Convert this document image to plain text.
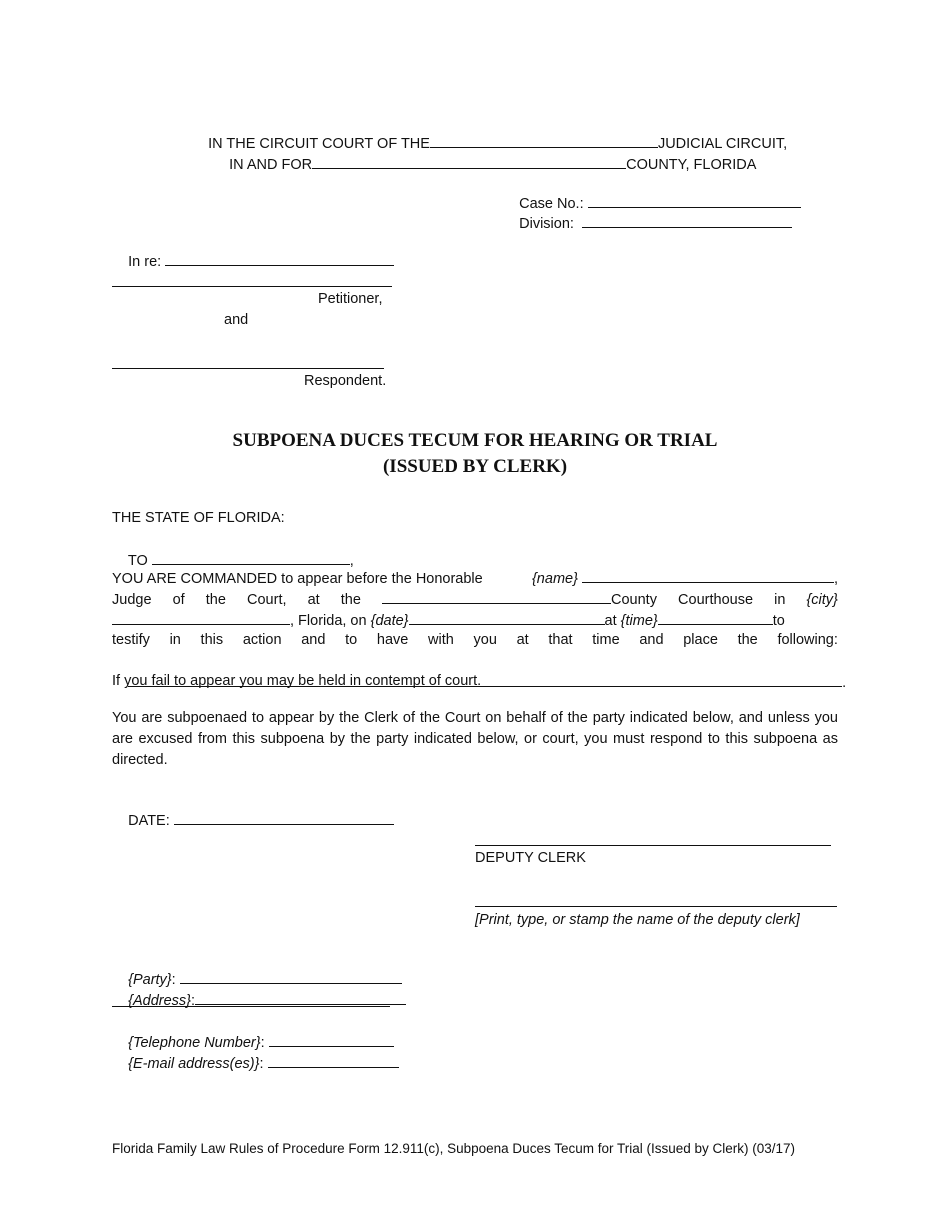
IN THE CIRCUIT COURT OF THE	JUDICIAL CIRCUIT,

IN AND FOR	COUNTY, FLORIDA

Case No.:

Division:

In re:

Petitioner,
and
Respondent.
SUBPOENA DUCES TECUM FOR HEARING OR TRIAL
(ISSUED BY CLERK)
THE STATE OF FLORIDA:

TO	,

YOU ARE COMMANDED to appear before the Honorable	{name}	,
Judge of the Court, at the	County Courthouse in {city}
, Florida, on {date}	at {time}	to
testify in this action and to have with you at that time and place the following:

.

If you fail to appear you may be held in contempt of court.
You are subpoenaed to appear by the Clerk of the Court on behalf of the party indicated below, and unless you are excused from this subpoena by the party indicated below, or court, you must respond to this subpoena as directed.

DATE:

DEPUTY CLERK
[Print, type, or stamp the name of the deputy clerk]

{Party}:

{Address}:

{Telephone Number}:

{E-mail address(es)}:

Florida Family Law Rules of Procedure Form 12.911(c), Subpoena Duces Tecum for Trial (Issued by Clerk) (03/17)
